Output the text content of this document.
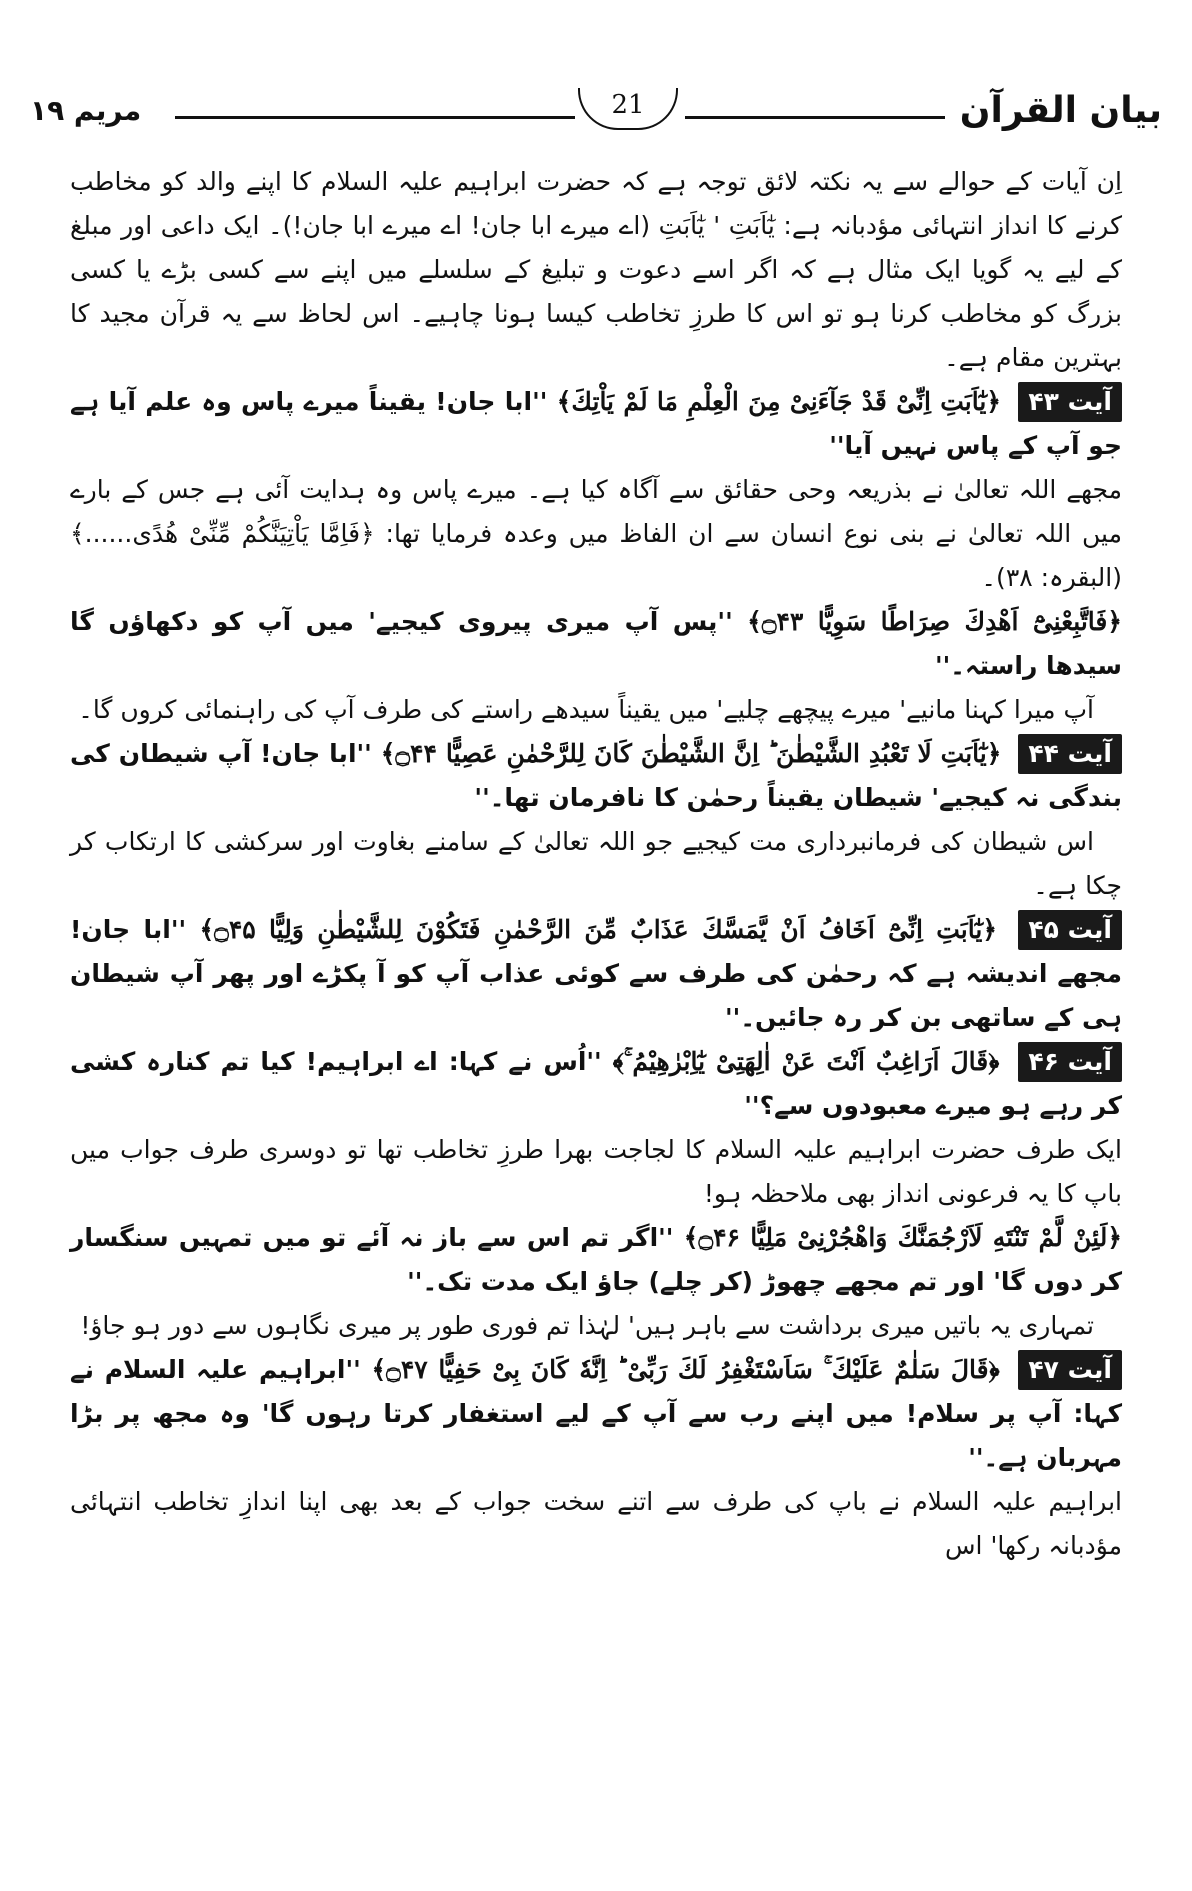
بیان القرآن
21
مریم ۱۹

اِن آیات کے حوالے سے یہ نکتہ لائق توجہ ہے کہ حضرت ابراہیم علیہ السلام کا اپنے والد کو مخاطب کرنے کا انداز انتہائی مؤدبانہ ہے: یٰٓاَبَتِ ' یٰٓاَبَتِ (اے میرے ابا جان! اے میرے ابا جان!)۔ ایک داعی اور مبلغ کے لیے یہ گویا ایک مثال ہے کہ اگر اسے دعوت و تبلیغ کے سلسلے میں اپنے سے کسی بڑے یا کسی بزرگ کو مخاطب کرنا ہو تو اس کا طرزِ تخاطب کیسا ہونا چاہیے۔ اس لحاظ سے یہ قرآن مجید کا بہترین مقام ہے۔

آیت ۴۳ ﴿یٰٓاَبَتِ اِنِّیْ قَدْ جَآءَنِیْ مِنَ الْعِلْمِ مَا لَمْ یَاْتِكَ﴾ ''ابا جان! یقیناً میرے پاس وہ علم آیا ہے جو آپ کے پاس نہیں آیا''

مجھے اللہ تعالیٰ نے بذریعہ وحی حقائق سے آگاہ کیا ہے۔ میرے پاس وہ ہدایت آئی ہے جس کے بارے میں اللہ تعالیٰ نے بنی نوع انسان سے ان الفاظ میں وعدہ فرمایا تھا: ﴿فَاِمَّا یَاْتِیَنَّكُمْ مِّنِّیْ هُدًى......﴾ (البقرہ: ۳۸)۔

﴿فَاتَّبِعْنِیْٓ اَهْدِكَ صِرَاطًا سَوِیًّا ۝۴۳﴾ ''پس آپ میری پیروی کیجیے' میں آپ کو دکھاؤں گا سیدھا راستہ۔''

آپ میرا کہنا مانیے' میرے پیچھے چلیے' میں یقیناً سیدھے راستے کی طرف آپ کی راہنمائی کروں گا۔

آیت ۴۴ ﴿یٰٓاَبَتِ لَا تَعْبُدِ الشَّیْطٰنَ ؕ اِنَّ الشَّیْطٰنَ كَانَ لِلرَّحْمٰنِ عَصِیًّا ۝۴۴﴾ ''ابا جان! آپ شیطان کی بندگی نہ کیجیے' شیطان یقیناً رحمٰن کا نافرمان تھا۔''

اس شیطان کی فرمانبرداری مت کیجیے جو اللہ تعالیٰ کے سامنے بغاوت اور سرکشی کا ارتکاب کر چکا ہے۔

آیت ۴۵ ﴿یٰٓاَبَتِ اِنِّیْٓ اَخَافُ اَنْ یَّمَسَّكَ عَذَابٌ مِّنَ الرَّحْمٰنِ فَتَكُوْنَ لِلشَّیْطٰنِ وَلِیًّا ۝۴۵﴾ ''ابا جان! مجھے اندیشہ ہے کہ رحمٰن کی طرف سے کوئی عذاب آپ کو آ پکڑے اور پھر آپ شیطان ہی کے ساتھی بن کر رہ جائیں۔''

آیت ۴۶ ﴿قَالَ اَرَاغِبٌ اَنْتَ عَنْ اٰلِهَتِیْ یٰٓاِبْرٰهِیْمُ ۚ﴾ ''اُس نے کہا: اے ابراہیم! کیا تم کنارہ کشی کر رہے ہو میرے معبودوں سے؟''

ایک طرف حضرت ابراہیم علیہ السلام کا لجاجت بھرا طرزِ تخاطب تھا تو دوسری طرف جواب میں باپ کا یہ فرعونی انداز بھی ملاحظہ ہو!

﴿لَئِنْ لَّمْ تَنْتَهِ لَاَرْجُمَنَّكَ وَاهْجُرْنِیْ مَلِیًّا ۝۴۶﴾ ''اگر تم اس سے باز نہ آئے تو میں تمہیں سنگسار کر دوں گا' اور تم مجھے چھوڑ (کر چلے) جاؤ ایک مدت تک۔''

تمہاری یہ باتیں میری برداشت سے باہر ہیں' لہٰذا تم فوری طور پر میری نگاہوں سے دور ہو جاؤ!

آیت ۴۷ ﴿قَالَ سَلٰمٌ عَلَیْكَ ۚ سَاَسْتَغْفِرُ لَكَ رَبِّیْ ؕ اِنَّهٗ كَانَ بِیْ حَفِیًّا ۝۴۷﴾ ''ابراہیم علیہ السلام نے کہا: آپ پر سلام! میں اپنے رب سے آپ کے لیے استغفار کرتا رہوں گا' وہ مجھ پر بڑا مہربان ہے۔''

ابراہیم علیہ السلام نے باپ کی طرف سے اتنے سخت جواب کے بعد بھی اپنا اندازِ تخاطب انتہائی مؤدبانہ رکھا' اس
